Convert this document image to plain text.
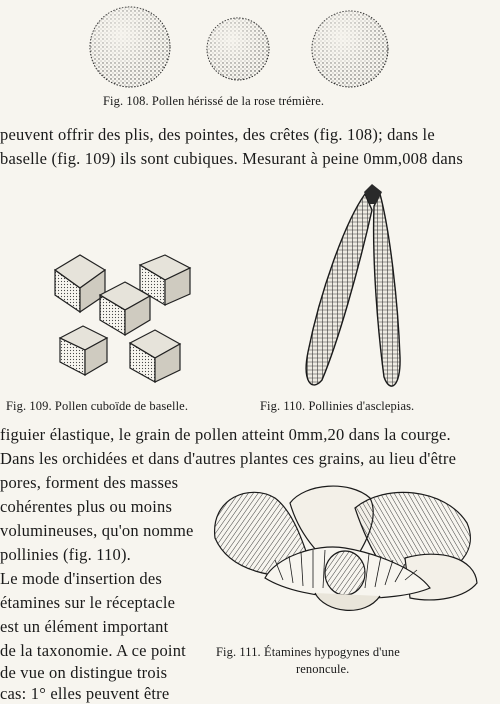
Fig. 108. Pollen hérissé de la rose trémière.
peuvent offrir des plis, des pointes, des crêtes (fig. 108); dans le
baselle (fig. 109) ils sont cubiques. Mesurant à peine 0mm,008 dans
Fig. 109. Pollen cuboïde de baselle.	Fig. 110. Pollinies d'asclepias.
figuier élastique, le grain de pollen atteint 0mm,20 dans la courge.
Dans les orchidées et dans d'autres plantes ces grains, au lieu d'être
pores, forment des masses
cohérentes plus ou moins
volumineuses, qu'on nomme
pollinies (fig. 110).
Le mode d'insertion des
étamines sur le réceptacle
est un élément important
de la taxonomie. A ce point
de vue on distingue trois
cas: 1° elles peuvent être
Fig. 111. Étamines hypogynes d'une
renoncule.
